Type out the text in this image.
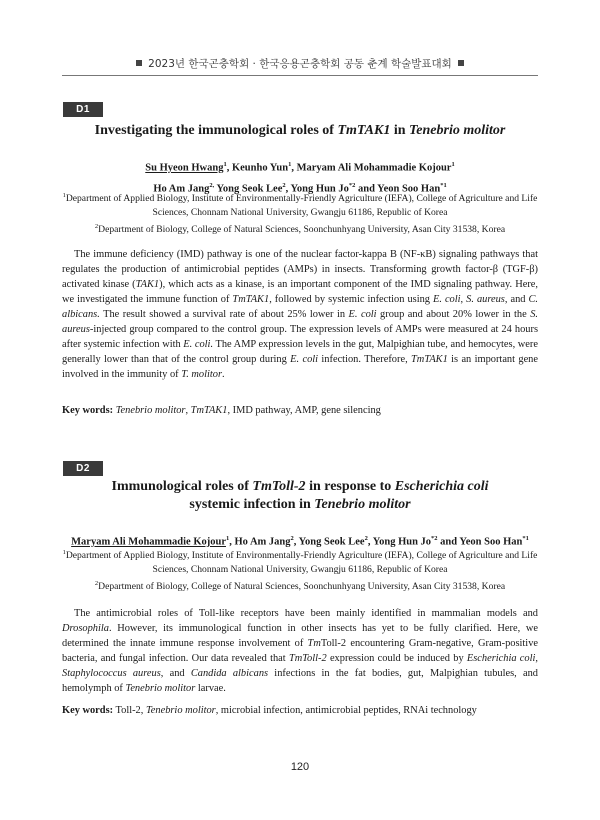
2023년 한국곤충학회 · 한국응용곤충학회 공동 춘계 학술발표대회
D1
Investigating the immunological roles of TmTAK1 in Tenebrio molitor
Su Hyeon Hwang$^1$, Keunho Yun$^1$, Maryam Ali Mohammadie Kojour$^1$
Ho Am Jang$^{2,}$ Yong Seok Lee$^2$, Yong Hun Jo$^{*2}$ and Yeon Soo Han$^{*1}$
$^1$Department of Applied Biology, Institute of Environmentally-Friendly Agriculture (IEFA), College of Agriculture and Life Sciences, Chonnam National University, Gwangju 61186, Republic of Korea
$^2$Department of Biology, College of Natural Sciences, Soonchunhyang University, Asan City 31538, Korea

The immune deficiency (IMD) pathway is one of the nuclear factor-kappa B (NF-κB) signaling pathways that regulates the production of antimicrobial peptides (AMPs) in insects. Transforming growth factor-β (TGF-β) activated kinase (TAK1), which acts as a kinase, is an important component of the IMD signaling pathway. Here, we investigated the immune function of TmTAK1, followed by systemic infection using E. coli, S. aureus, and C. albicans. The result showed a survival rate of about 25% lower in E. coli group and about 20% lower in the S. aureus-injected group compared to the control group. The expression levels of AMPs were measured at 24 hours after systemic infection with E. coli. The AMP expression levels in the gut, Malpighian tube, and hemocytes, were generally lower than that of the control group during E. coli infection. Therefore, TmTAK1 is an important gene involved in the immunity of T. molitor.

Key words: Tenebrio molitor, TmTAK1, IMD pathway, AMP, gene silencing

D2
Immunological roles of TmToll-2 in response to Escherichia coli
systemic infection in Tenebrio molitor
Maryam Ali Mohammadie Kojour$^1$, Ho Am Jang$^2$, Yong Seok Lee$^2$, Yong Hun Jo$^{*2}$ and Yeon Soo Han$^{*1}$
$^1$Department of Applied Biology, Institute of Environmentally-Friendly Agriculture (IEFA), College of Agriculture and Life Sciences, Chonnam National University, Gwangju 61186, Republic of Korea
$^2$Department of Biology, College of Natural Sciences, Soonchunhyang University, Asan City 31538, Korea

The antimicrobial roles of Toll-like receptors have been mainly identified in mammalian models and Drosophila. However, its immunological function in other insects has yet to be fully clarified. Here, we determined the innate immune response involvement of TmToll-2 encountering Gram-negative, Gram-positive bacteria, and fungal infection. Our data revealed that TmToll-2 expression could be induced by Escherichia coli, Staphylococcus aureus, and Candida albicans infections in the fat bodies, gut, Malpighian tubules, and hemolymph of Tenebrio molitor larvae.

Key words: Toll-2, Tenebrio molitor, microbial infection, antimicrobial peptides, RNAi technology

120
